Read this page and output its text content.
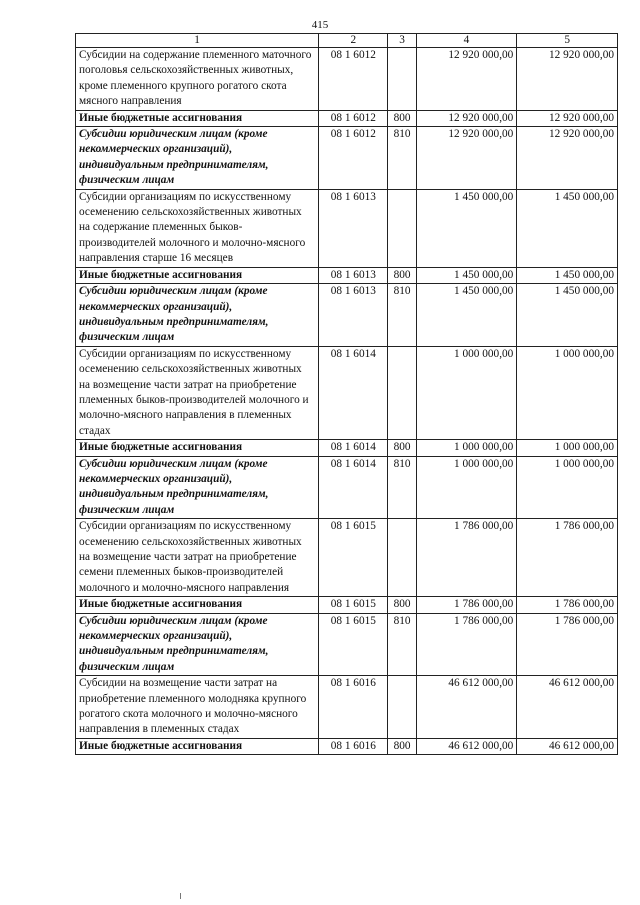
415
1	2	3	4	5
Субсидии на содержание племенного маточного поголовья сельскохозяйственных животных, кроме племенного крупного рогатого скота мясного направления	08 1 6012		12 920 000,00	12 920 000,00
Иные бюджетные ассигнования	08 1 6012	800	12 920 000,00	12 920 000,00
Субсидии юридическим лицам (кроме некоммерческих организаций), индивидуальным предпринимателям, физическим лицам	08 1 6012	810	12 920 000,00	12 920 000,00
Субсидии организациям по искусственному осеменению сельскохозяйственных животных на содержание племенных быков-производителей молочного и молочно-мясного направления старше 16 месяцев	08 1 6013		1 450 000,00	1 450 000,00
Иные бюджетные ассигнования	08 1 6013	800	1 450 000,00	1 450 000,00
Субсидии юридическим лицам (кроме некоммерческих организаций), индивидуальным предпринимателям, физическим лицам	08 1 6013	810	1 450 000,00	1 450 000,00
Субсидии организациям по искусственному осеменению сельскохозяйственных животных на возмещение части затрат на приобретение племенных быков-производителей молочного и молочно-мясного направления в племенных стадах	08 1 6014		1 000 000,00	1 000 000,00
Иные бюджетные ассигнования	08 1 6014	800	1 000 000,00	1 000 000,00
Субсидии юридическим лицам (кроме некоммерческих организаций), индивидуальным предпринимателям, физическим лицам	08 1 6014	810	1 000 000,00	1 000 000,00
Субсидии организациям по искусственному осеменению сельскохозяйственных животных на возмещение части затрат на приобретение семени племенных быков-производителей молочного и молочно-мясного направления	08 1 6015		1 786 000,00	1 786 000,00
Иные бюджетные ассигнования	08 1 6015	800	1 786 000,00	1 786 000,00
Субсидии юридическим лицам (кроме некоммерческих организаций), индивидуальным предпринимателям, физическим лицам	08 1 6015	810	1 786 000,00	1 786 000,00
Субсидии на возмещение части затрат на приобретение племенного молодняка крупного рогатого скота молочного и молочно-мясного направления в племенных стадах	08 1 6016		46 612 000,00	46 612 000,00
Иные бюджетные ассигнования	08 1 6016	800	46 612 000,00	46 612 000,00
